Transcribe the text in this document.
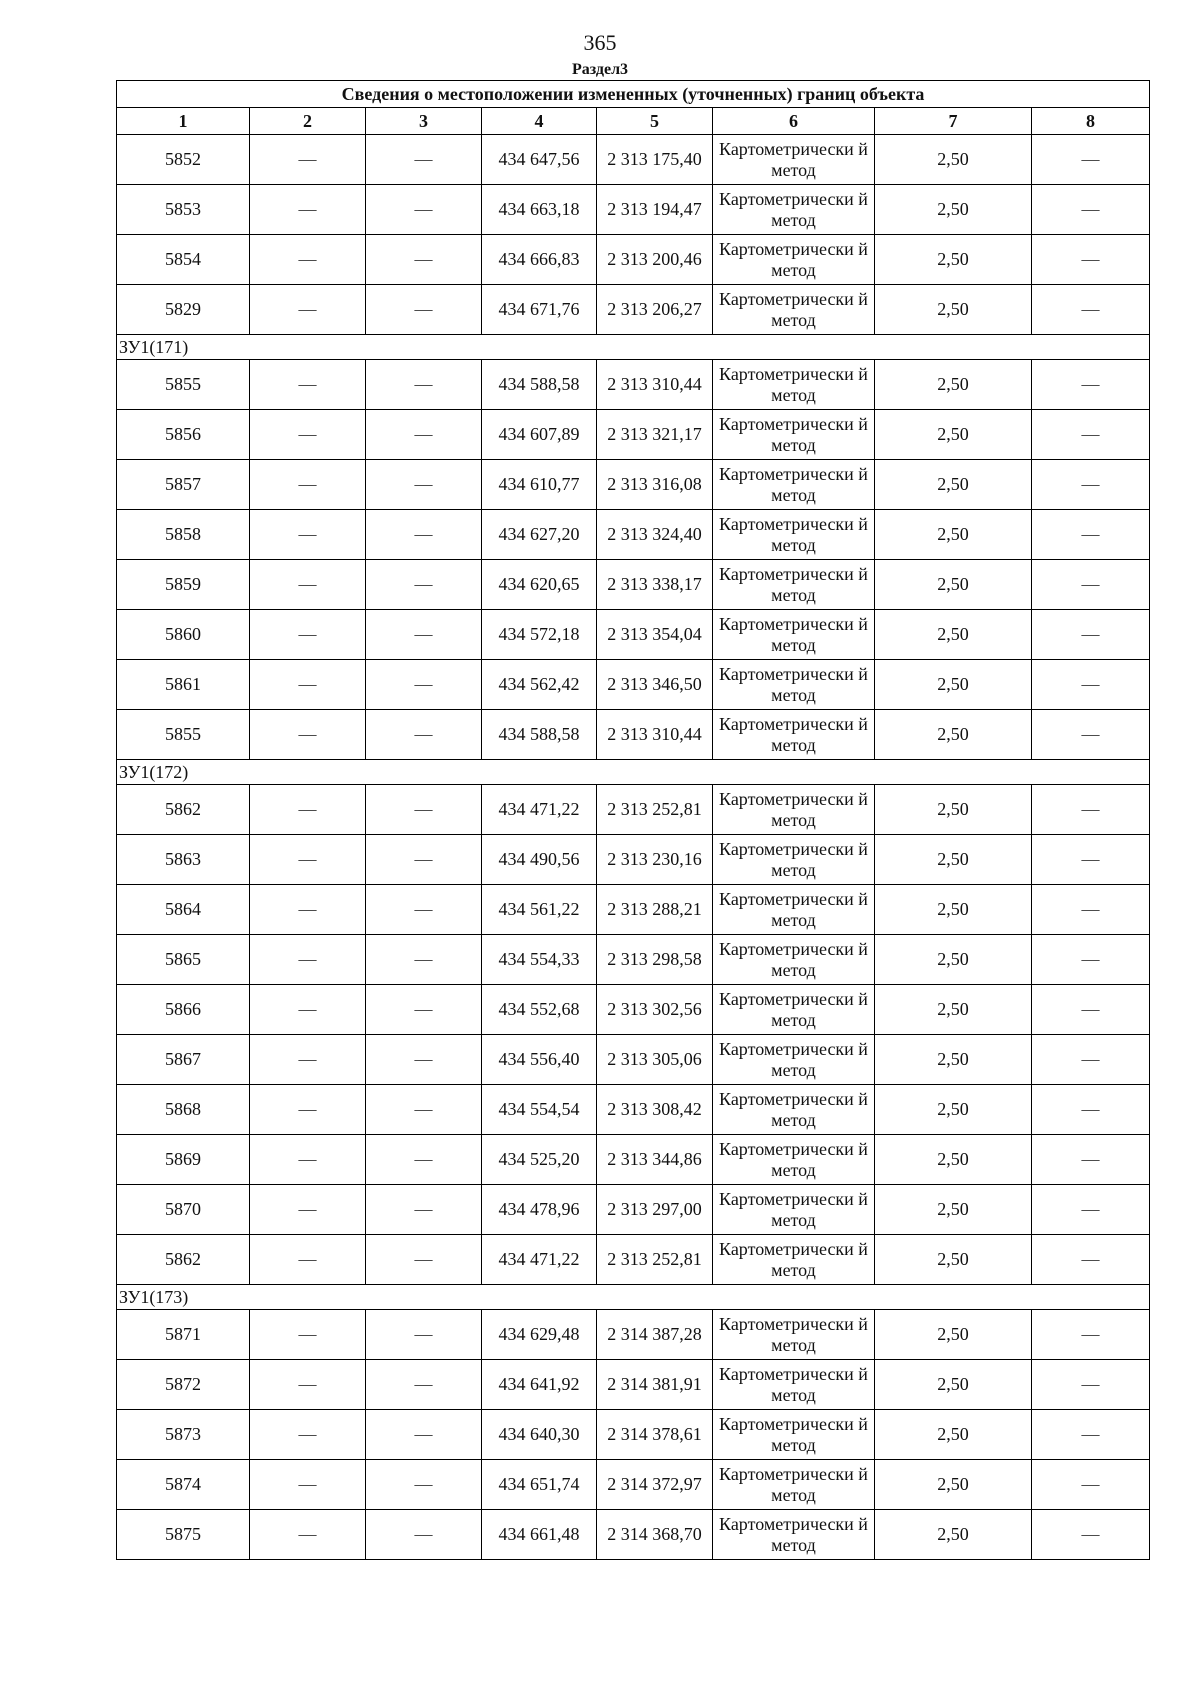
365
Раздел3
Сведения о местоположении измененных (уточненных) границ объекта							
1	2	3	4	5	6	7	8
5852	—	—	434 647,56	2 313 175,40	Картометрически й метод	2,50	—
5853	—	—	434 663,18	2 313 194,47	Картометрически й метод	2,50	—
5854	—	—	434 666,83	2 313 200,46	Картометрически й метод	2,50	—
5829	—	—	434 671,76	2 313 206,27	Картометрически й метод	2,50	—
ЗУ1(171)							
5855	—	—	434 588,58	2 313 310,44	Картометрически й метод	2,50	—
5856	—	—	434 607,89	2 313 321,17	Картометрически й метод	2,50	—
5857	—	—	434 610,77	2 313 316,08	Картометрически й метод	2,50	—
5858	—	—	434 627,20	2 313 324,40	Картометрически й метод	2,50	—
5859	—	—	434 620,65	2 313 338,17	Картометрически й метод	2,50	—
5860	—	—	434 572,18	2 313 354,04	Картометрически й метод	2,50	—
5861	—	—	434 562,42	2 313 346,50	Картометрически й метод	2,50	—
5855	—	—	434 588,58	2 313 310,44	Картометрически й метод	2,50	—
ЗУ1(172)							
5862	—	—	434 471,22	2 313 252,81	Картометрически й метод	2,50	—
5863	—	—	434 490,56	2 313 230,16	Картометрически й метод	2,50	—
5864	—	—	434 561,22	2 313 288,21	Картометрически й метод	2,50	—
5865	—	—	434 554,33	2 313 298,58	Картометрически й метод	2,50	—
5866	—	—	434 552,68	2 313 302,56	Картометрически й метод	2,50	—
5867	—	—	434 556,40	2 313 305,06	Картометрически й метод	2,50	—
5868	—	—	434 554,54	2 313 308,42	Картометрически й метод	2,50	—
5869	—	—	434 525,20	2 313 344,86	Картометрически й метод	2,50	—
5870	—	—	434 478,96	2 313 297,00	Картометрически й метод	2,50	—
5862	—	—	434 471,22	2 313 252,81	Картометрически й метод	2,50	—
ЗУ1(173)							
5871	—	—	434 629,48	2 314 387,28	Картометрически й метод	2,50	—
5872	—	—	434 641,92	2 314 381,91	Картометрически й метод	2,50	—
5873	—	—	434 640,30	2 314 378,61	Картометрически й метод	2,50	—
5874	—	—	434 651,74	2 314 372,97	Картометрически й метод	2,50	—
5875	—	—	434 661,48	2 314 368,70	Картометрически й метод	2,50	—
